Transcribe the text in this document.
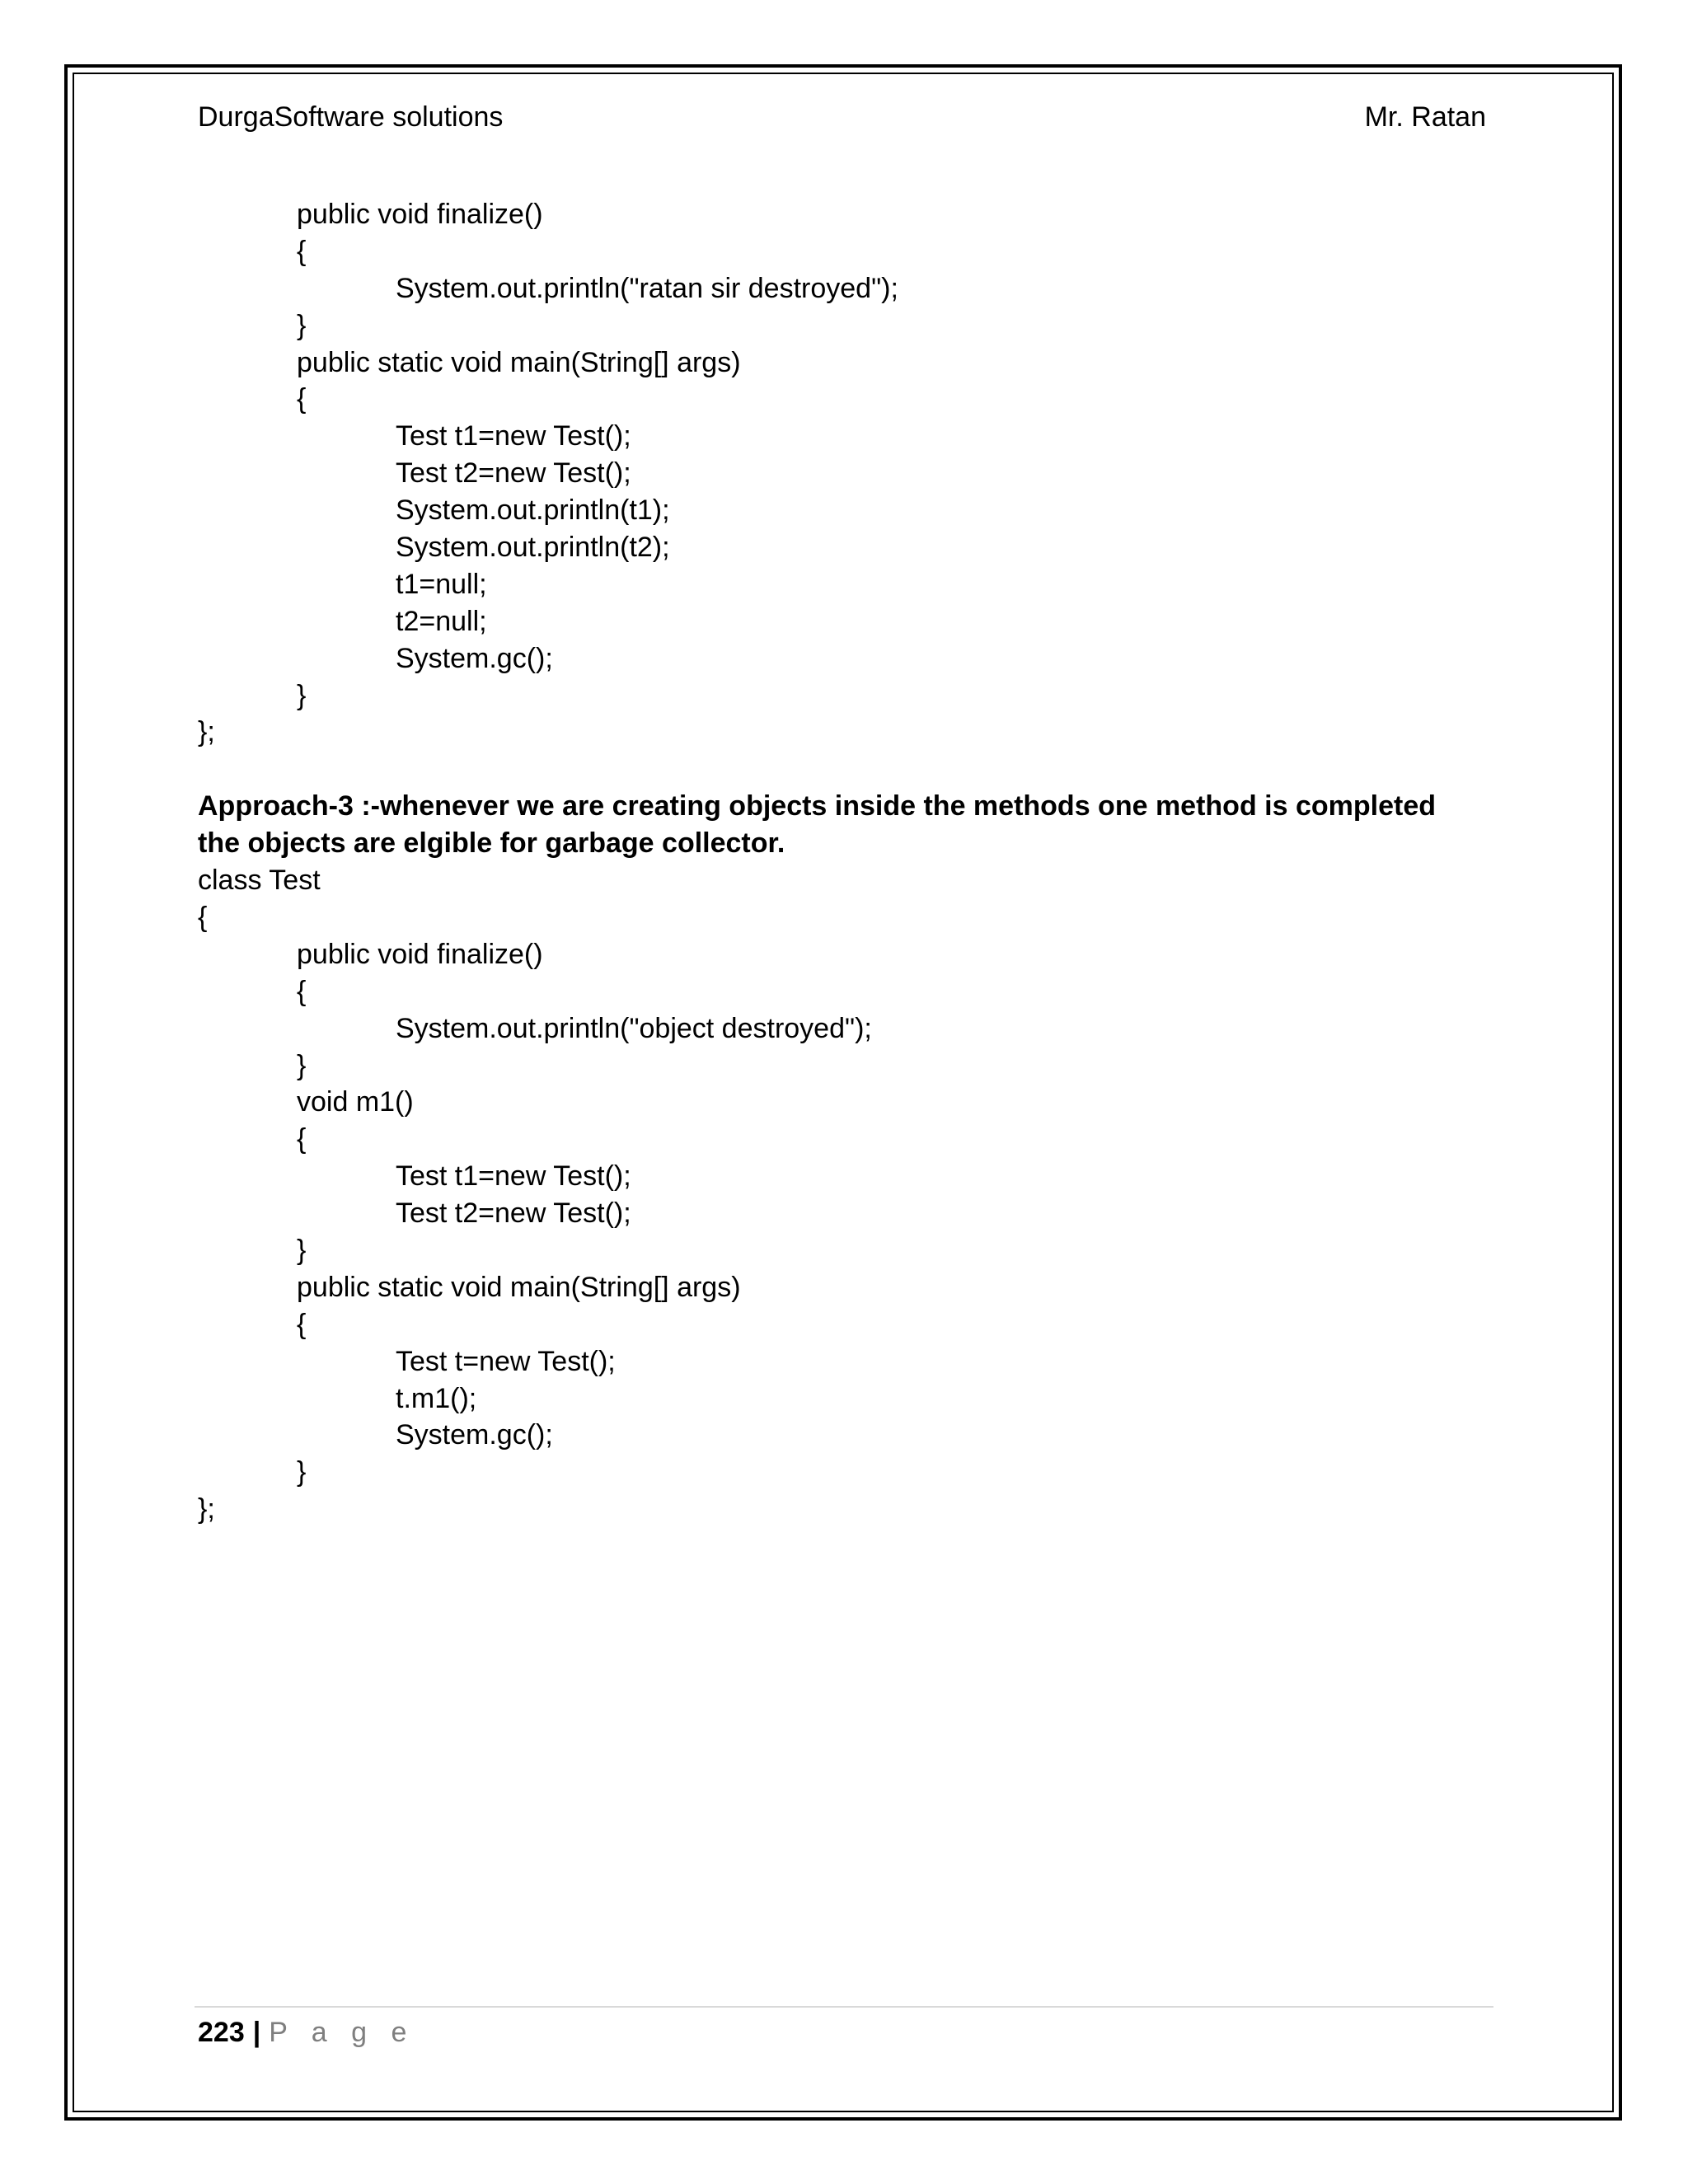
DurgaSoftware solutions	Mr. Ratan
public void finalize()
{
System.out.println("ratan sir destroyed");
}
public static void main(String[] args)
{
Test t1=new Test();
Test t2=new Test();
System.out.println(t1);
System.out.println(t2);
t1=null;
t2=null;
System.gc();
}
};
Approach-3 :-whenever we are creating objects inside the methods one method is completed the objects are elgible for garbage collector.
class Test
{
public void finalize()
{
System.out.println("object destroyed");
}
void m1()
{
Test t1=new Test();
Test t2=new Test();
}
public static void main(String[] args)
{
Test t=new Test();
t.m1();
System.gc();
}
};
223 | P a g e
